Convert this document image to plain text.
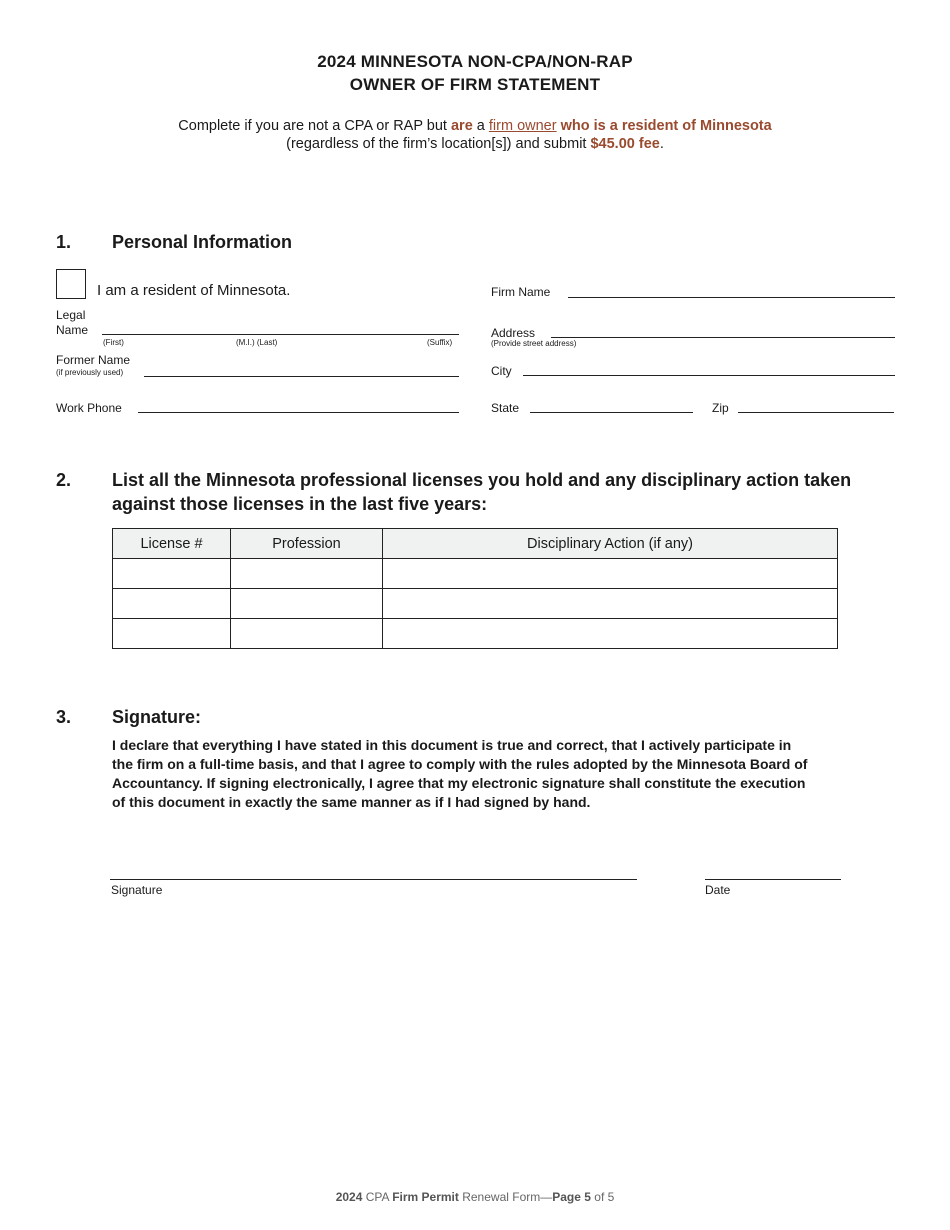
2024 MINNESOTA NON-CPA/NON-RAP
OWNER OF FIRM STATEMENT
Complete if you are not a CPA or RAP but are a firm owner who is a resident of Minnesota
(regardless of the firm’s location[s]) and submit $45.00 fee.
1. Personal Information
I am a resident of Minnesota.
Legal
Name
(First)	(M.I.) (Last)	(Suffix)
Former Name
(if previously used)
Work Phone
Firm Name
Address
(Provide street address)
City
State	Zip
2. List all the Minnesota professional licenses you hold and any disciplinary action taken
against those licenses in the last five years:
License #	Profession	Disciplinary Action (if any)

3. Signature:
I declare that everything I have stated in this document is true and correct, that I actively participate in
the firm on a full-time basis, and that I agree to comply with the rules adopted by the Minnesota Board of
Accountancy. If signing electronically, I agree that my electronic signature shall constitute the execution
of this document in exactly the same manner as if I had signed by hand.
Signature	Date
2024 CPA Firm Permit Renewal Form—Page 5 of 5
